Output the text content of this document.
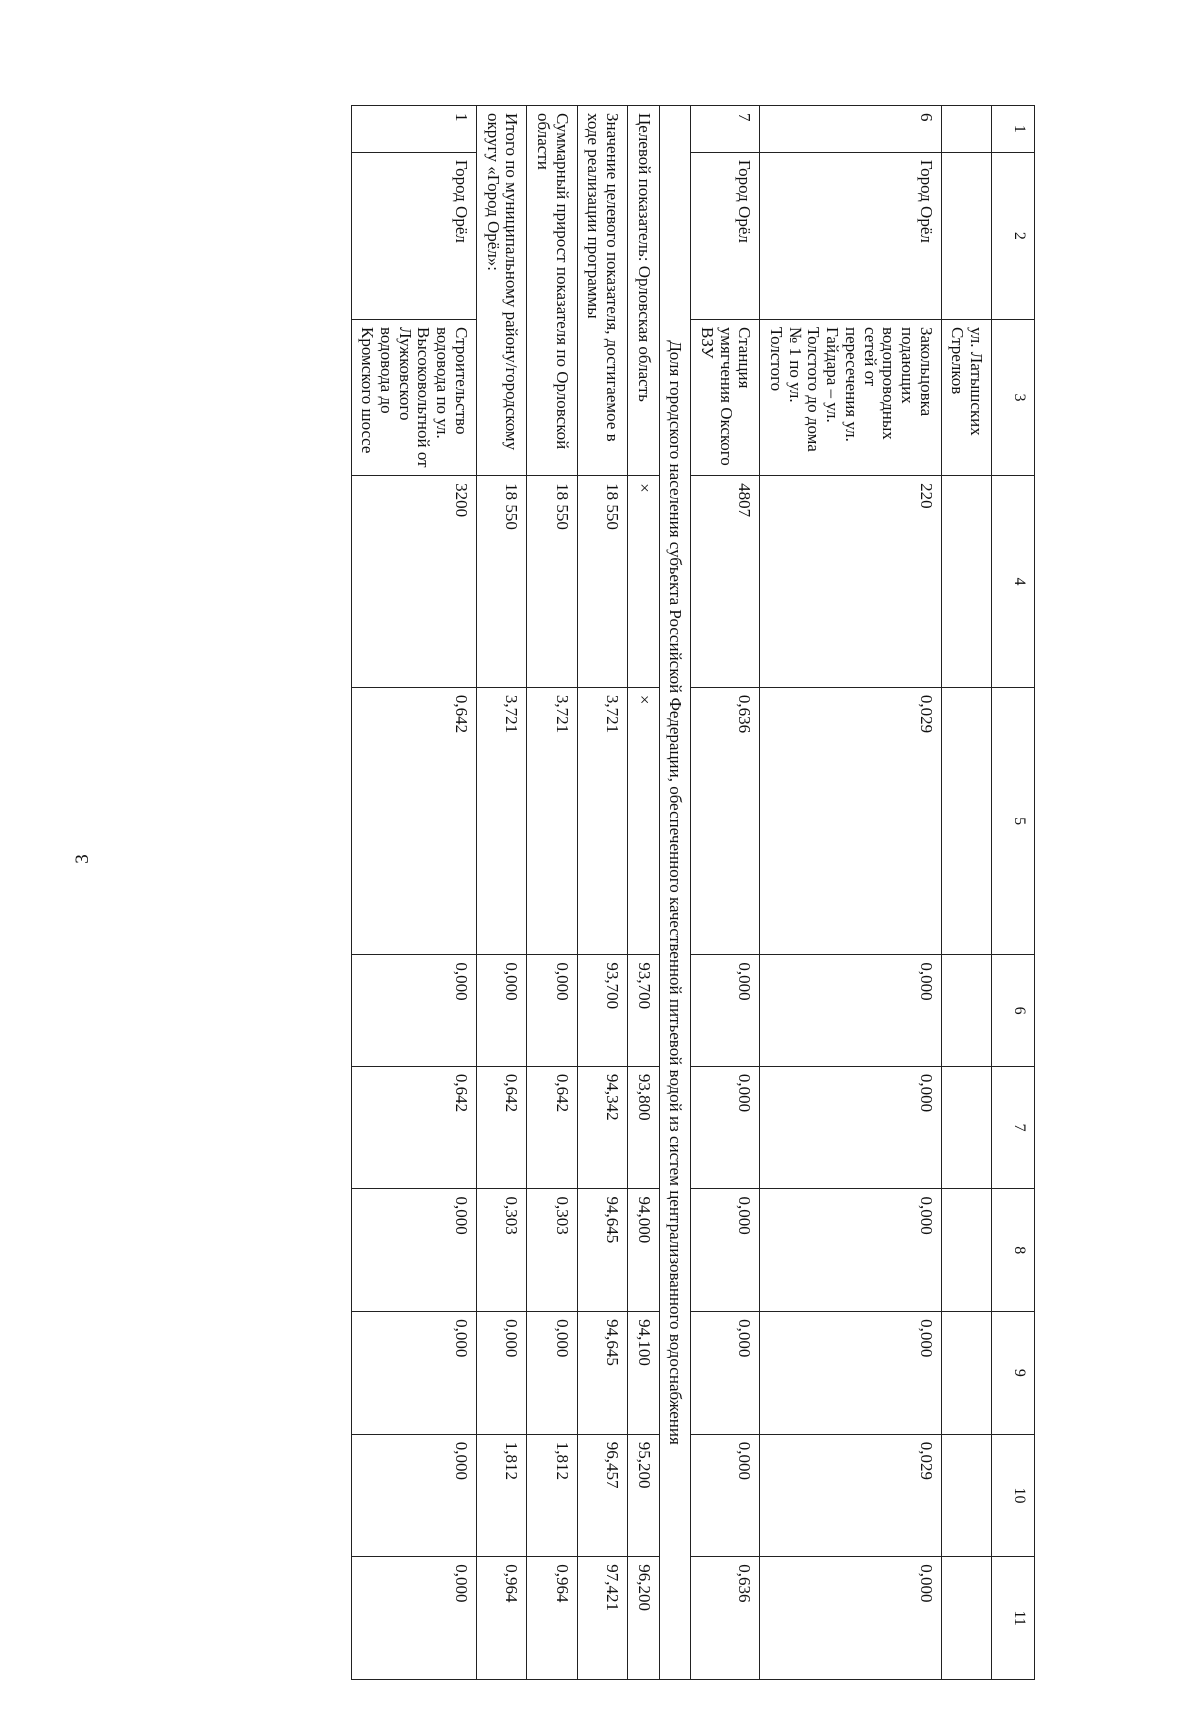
3
1	2	3	4	5	6	7	8	9	10	11
		ул. Латышских Стрелков								
6	Город Орёл	Закольцовка подающих водопроводных сетей от пересечения ул. Гайдара – ул. Толстого до дома № 1 по ул. Толстого	220	0,029	0,000	0,000	0,000	0,000	0,029	0,000
7	Город Орёл	Станция умягчения Окского ВЗУ	4807	0,636	0,000	0,000	0,000	0,000	0,000	0,636
Доля городского населения субъекта Российской Федерации, обеспеченного качественной питьевой водой из систем централизованного водоснабжения										
Целевой показатель: Орловская область			×	×	93,700	93,800	94,000	94,100	95,200	96,200
Значение целевого показателя, достигаемое в ходе реализации программы			18 550	3,721	93,700	94,342	94,645	94,645	96,457	97,421
Суммарный прирост показателя по Орловской области			18 550	3,721	0,000	0,642	0,303	0,000	1,812	0,964
Итого по муниципальному району/городскому округу «Город Орёл»:			18 550	3,721	0,000	0,642	0,303	0,000	1,812	0,964
1	Город Орёл	Строительство водовода по ул. Высоковольтной от Лужковского водовода до Кромского шоссе	3200	0,642	0,000	0,642	0,000	0,000	0,000	0,000
